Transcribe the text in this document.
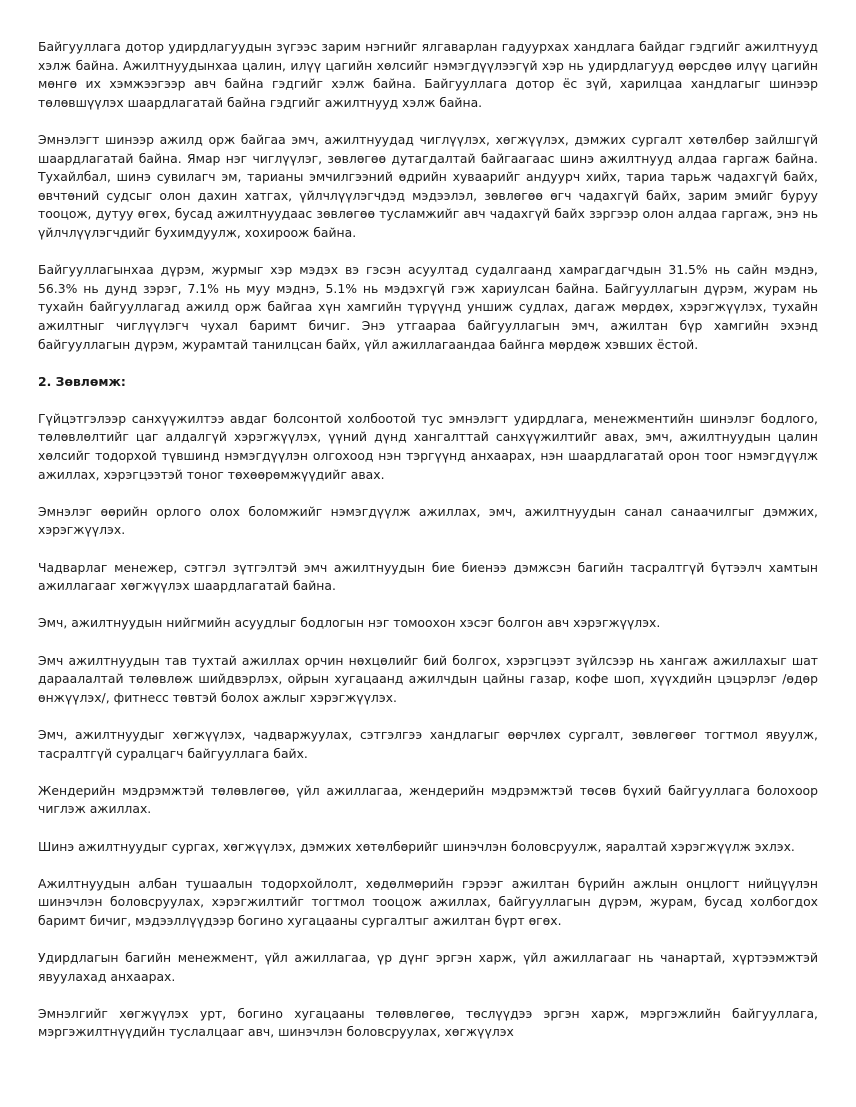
Байгууллага дотор удирдлагуудын зүгээс зарим нэгнийг ялгаварлан гадуурхах хандлага байдаг гэдгийг ажилтнууд хэлж байна. Ажилтнуудынхаа цалин, илүү цагийн хөлсийг нэмэгдүүлээгүй хэр нь удирдлагууд өөрсдөө илүү цагийн мөнгө их хэмжээгээр авч байна гэдгийг хэлж байна. Байгууллага дотор ёс зүй, харилцаа хандлагыг шинээр төлөвшүүлэх шаардлагатай байна гэдгийг ажилтнууд хэлж байна.

Эмнэлэгт шинээр ажилд орж байгаа эмч, ажилтнуудад чиглүүлэх, хөгжүүлэх, дэмжих сургалт хөтөлбөр зайлшгүй шаардлагатай байна. Ямар нэг чиглүүлэг, зөвлөгөө дутагдалтай байгаагаас шинэ ажилтнууд алдаа гаргаж байна. Тухайлбал, шинэ сувилагч эм, тарианы эмчилгээний өдрийн хуваарийг андуурч хийх, тариа тарьж чадахгүй байх, өвчтөний судсыг олон дахин хатгах, үйлчлүүлэгчдэд мэдээлэл, зөвлөгөө өгч чадахгүй байх, зарим эмийг буруу тооцож, дутуу өгөх, бусад ажилтнуудаас зөвлөгөө тусламжийг авч чадахгүй байх зэргээр олон алдаа гаргаж, энэ нь үйлчлүүлэгчдийг бухимдуулж, хохироож байна.

Байгууллагынхаа дүрэм, журмыг хэр мэдэх вэ гэсэн асуултад судалгаанд хамрагдагчдын 31.5% нь сайн мэднэ, 56.3% нь дунд зэрэг, 7.1% нь муу мэднэ, 5.1% нь мэдэхгүй гэж хариулсан байна. Байгууллагын дүрэм, журам нь тухайн байгууллагад ажилд орж байгаа хүн хамгийн түрүүнд уншиж судлах, дагаж мөрдөх, хэрэгжүүлэх, тухайн ажилтныг чиглүүлэгч чухал баримт бичиг. Энэ утгаараа байгууллагын эмч, ажилтан бүр хамгийн эхэнд байгууллагын дүрэм, журамтай танилцсан байх, үйл ажиллагаандаа байнга мөрдөж хэвших ёстой.

2. Зөвлөмж:

Гүйцэтгэлээр санхүүжилтээ авдаг болсонтой холбоотой тус эмнэлэгт удирдлага, менежментийн шинэлэг бодлого, төлөвлөлтийг цаг алдалгүй хэрэгжүүлэх, үүний дүнд хангалттай санхүүжилтийг авах, эмч, ажилтнуудын цалин хөлсийг тодорхой түвшинд нэмэгдүүлэн олгохоод нэн тэргүүнд анхаарах, нэн шаардлагатай орон тоог нэмэгдүүлж ажиллах, хэрэгцээтэй тоног төхөөрөмжүүдийг авах.

Эмнэлэг өөрийн орлого олох боломжийг нэмэгдүүлж ажиллах, эмч, ажилтнуудын санал санаачилгыг дэмжих, хэрэгжүүлэх.

Чадварлаг менежер, сэтгэл зүтгэлтэй эмч ажилтнуудын бие биенээ дэмжсэн багийн тасралтгүй бүтээлч хамтын ажиллагааг хөгжүүлэх шаардлагатай байна.

Эмч, ажилтнуудын нийгмийн асуудлыг бодлогын нэг томоохон хэсэг болгон авч хэрэгжүүлэх.

Эмч ажилтнуудын тав тухтай ажиллах орчин нөхцөлийг бий болгох, хэрэгцээт зүйлсээр нь хангаж ажиллахыг шат дараалалтай төлөвлөж шийдвэрлэх, ойрын хугацаанд ажилчдын цайны газар, кофе шоп, хүүхдийн цэцэрлэг /өдөр өнжүүлэх/, фитнесс төвтэй болох ажлыг хэрэгжүүлэх.

Эмч, ажилтнуудыг хөгжүүлэх, чадваржуулах, сэтгэлгээ хандлагыг өөрчлөх сургалт, зөвлөгөөг тогтмол явуулж, тасралтгүй суралцагч байгууллага байх.

Жендерийн мэдрэмжтэй төлөвлөгөө, үйл ажиллагаа, жендерийн мэдрэмжтэй төсөв бүхий байгууллага болохоор чиглэж ажиллах.

Шинэ ажилтнуудыг сургах, хөгжүүлэх, дэмжих хөтөлбөрийг шинэчлэн боловсруулж, яаралтай хэрэгжүүлж эхлэх.

Ажилтнуудын албан тушаалын тодорхойлолт, хөдөлмөрийн гэрээг ажилтан бүрийн ажлын онцлогт нийцүүлэн шинэчлэн боловсруулах, хэрэгжилтийг тогтмол тооцож ажиллах, байгууллагын дүрэм, журам, бусад холбогдох баримт бичиг, мэдээллүүдээр богино хугацааны сургалтыг ажилтан бүрт өгөх.

Удирдлагын багийн менежмент, үйл ажиллагаа, үр дүнг эргэн харж, үйл ажиллагааг нь чанартай, хүртээмжтэй явуулахад анхаарах.

Эмнэлгийг хөгжүүлэх урт, богино хугацааны төлөвлөгөө, төслүүдээ эргэн харж, мэргэжлийн байгууллага, мэргэжилтнүүдийн туслалцааг авч, шинэчлэн боловсруулах, хөгжүүлэх
